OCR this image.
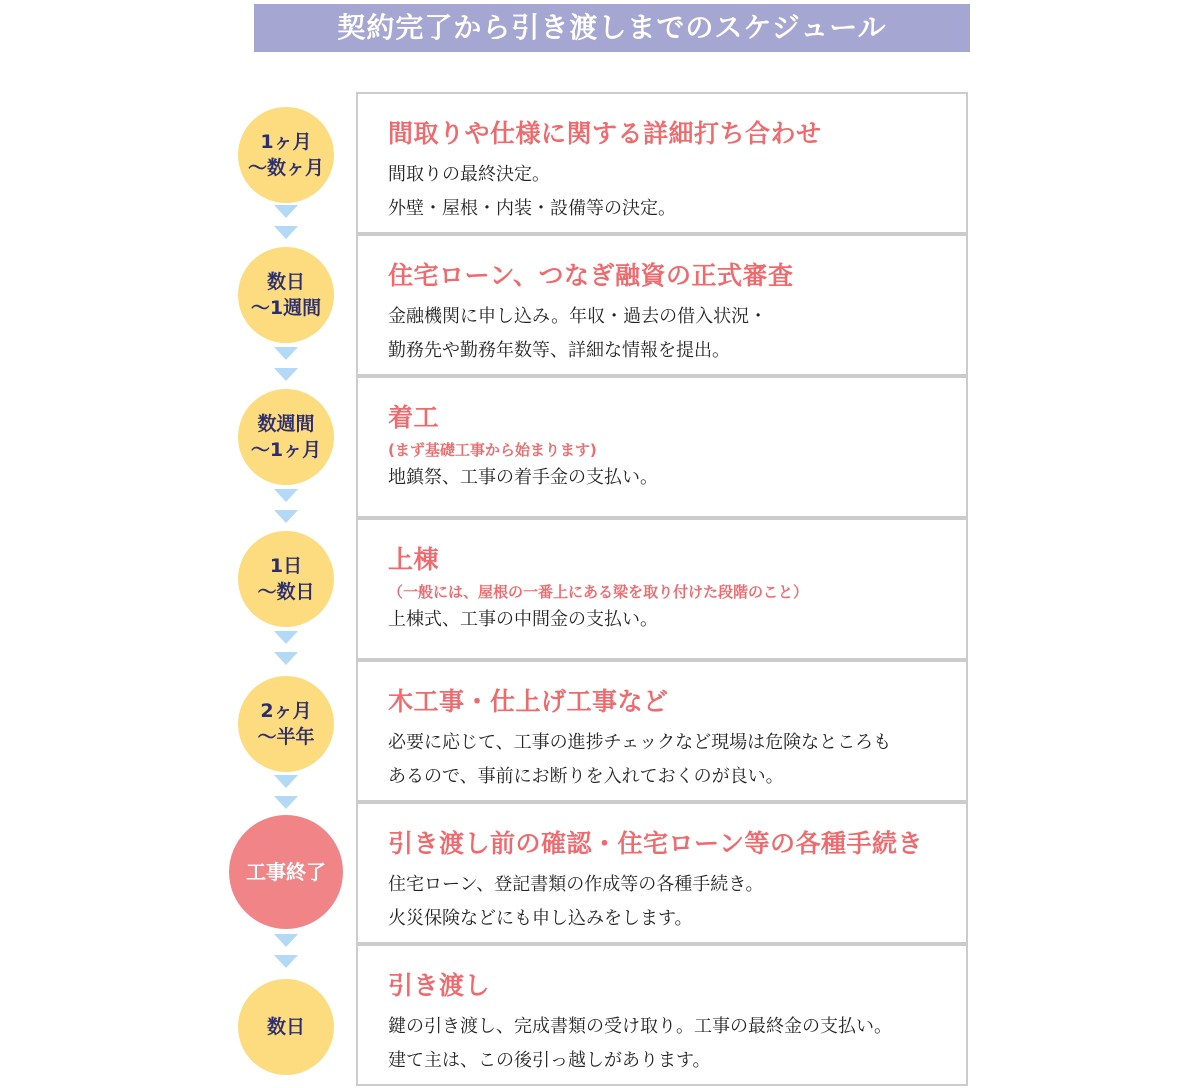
契約完了から引き渡しまでのスケジュール
1ヶ月
～数ヶ月
間取りや仕様に関する詳細打ち合わせ
間取りの最終決定。
外壁・屋根・内装・設備等の決定。
数日
～1週間
住宅ローン、つなぎ融資の正式審査
金融機関に申し込み。年収・過去の借入状況・
勤務先や勤務年数等、詳細な情報を提出。
数週間
～1ヶ月
着工
(まず基礎工事から始まります)
地鎮祭、工事の着手金の支払い。
1日
～数日
上棟
（一般には、屋根の一番上にある梁を取り付けた段階のこと）
上棟式、工事の中間金の支払い。
2ヶ月
～半年
木工事・仕上げ工事など
必要に応じて、工事の進捗チェックなど現場は危険なところも
あるので、事前にお断りを入れておくのが良い。
工事終了
引き渡し前の確認・住宅ローン等の各種手続き
住宅ローン、登記書類の作成等の各種手続き。
火災保険などにも申し込みをします。
数日
引き渡し
鍵の引き渡し、完成書類の受け取り。工事の最終金の支払い。
建て主は、この後引っ越しがあります。
